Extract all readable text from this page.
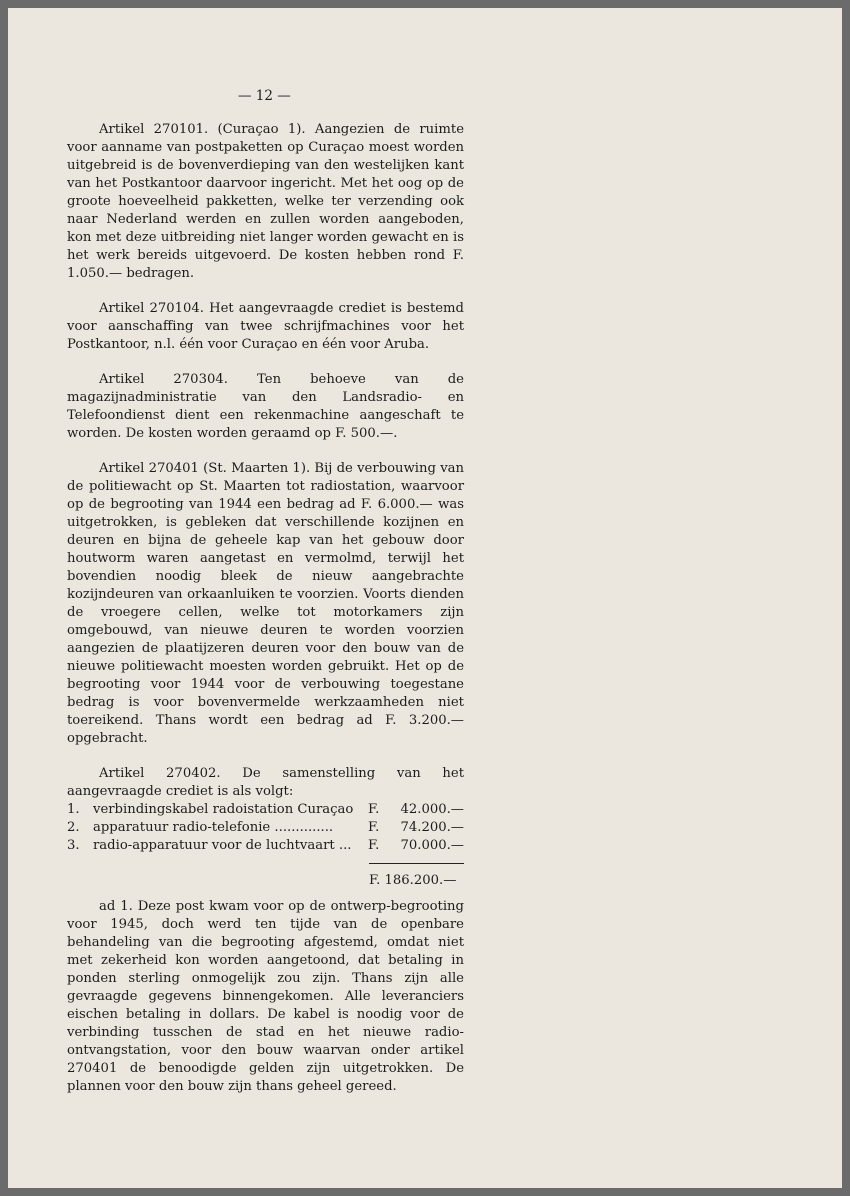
— 12 —

Artikel 270101. (Curaçao 1). Aangezien de ruimte voor aanname van postpaketten op Curaçao moest worden uitgebreid is de bovenverdieping van den westelijken kant van het Postkantoor daarvoor ingericht. Met het oog op de groote hoeveelheid pakketten, welke ter verzending ook naar Nederland werden en zullen worden aangeboden, kon met deze uitbreiding niet langer worden gewacht en is het werk bereids uitgevoerd. De kosten hebben rond F. 1.050.— bedragen.

Artikel 270104. Het aangevraagde crediet is bestemd voor aanschaffing van twee schrijfmachines voor het Postkantoor, n.l. één voor Curaçao en één voor Aruba.

Artikel 270304. Ten behoeve van de magazijnadministratie van den Landsradio- en Telefoondienst dient een rekenmachine aangeschaft te worden. De kosten worden geraamd op F. 500.—.

Artikel 270401 (St. Maarten 1). Bij de verbouwing van de politiewacht op St. Maarten tot radiostation, waarvoor op de begrooting van 1944 een bedrag ad F. 6.000.— was uitgetrokken, is gebleken dat verschillende kozijnen en deuren en bijna de geheele kap van het gebouw door houtworm waren aangetast en vermolmd, terwijl het bovendien noodig bleek de nieuw aangebrachte kozijndeuren van orkaanluiken te voorzien. Voorts dienden de vroegere cellen, welke tot motorkamers zijn omgebouwd, van nieuwe deuren te worden voorzien aangezien de plaatijzeren deuren voor den bouw van de nieuwe politiewacht moesten worden gebruikt. Het op de begrooting voor 1944 voor de verbouwing toegestane bedrag is voor bovenvermelde werkzaamheden niet toereikend. Thans wordt een bedrag ad F. 3.200.— opgebracht.

Artikel 270402. De samenstelling van het aangevraagde crediet is als volgt:

1.	verbindingskabel radoistation Curaçao	F. 42.000.—
2.	apparatuur radio-telefonie ..............	F. 74.200.—
3.	radio-apparatuur voor de luchtvaart ...	F. 70.000.—
F. 186.200.—

ad 1. Deze post kwam voor op de ontwerp-begrooting voor 1945, doch werd ten tijde van de openbare behandeling van die begrooting afgestemd, omdat niet met zekerheid kon worden aangetoond, dat betaling in ponden sterling onmogelijk zou zijn. Thans zijn alle gevraagde gegevens binnengekomen. Alle leveranciers eischen betaling in dollars. De kabel is noodig voor de verbinding tusschen de stad en het nieuwe radio-ontvangstation, voor den bouw waarvan onder artikel 270401 de benoodigde gelden zijn uitgetrokken. De plannen voor den bouw zijn thans geheel gereed.
